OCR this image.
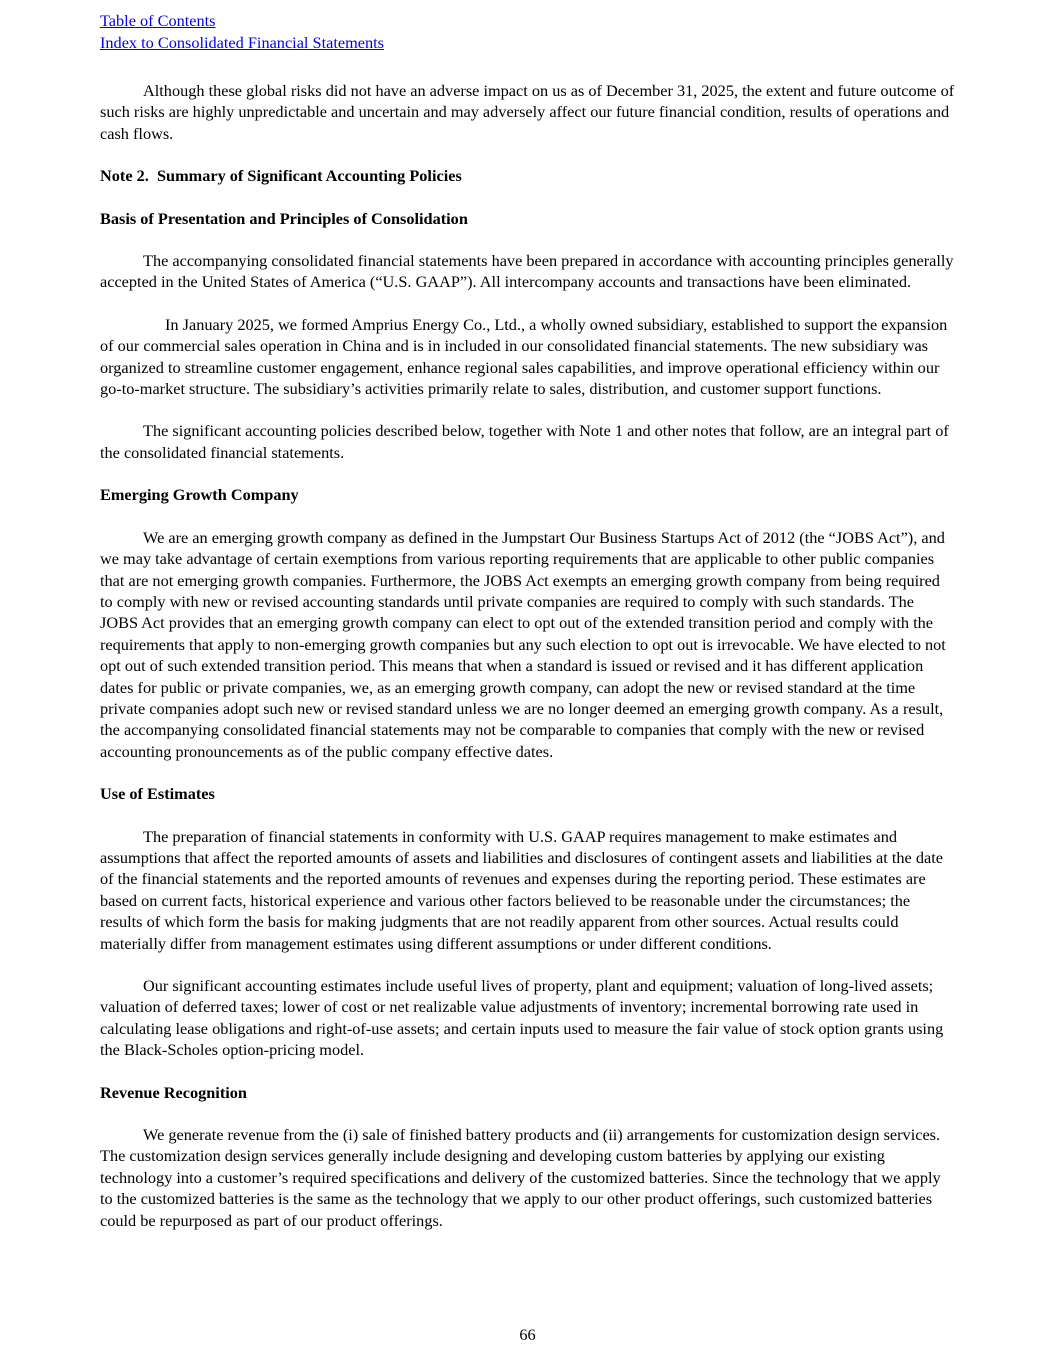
Table of Contents
Index to Consolidated Financial Statements

Although these global risks did not have an adverse impact on us as of December 31, 2025, the extent and future outcome of such risks are highly unpredictable and uncertain and may adversely affect our future financial condition, results of operations and cash flows.

Note 2.  Summary of Significant Accounting Policies
Basis of Presentation and Principles of Consolidation

The accompanying consolidated financial statements have been prepared in accordance with accounting principles generally accepted in the United States of America (“U.S. GAAP”). All intercompany accounts and transactions have been eliminated.

In January 2025, we formed Amprius Energy Co., Ltd., a wholly owned subsidiary, established to support the expansion of our commercial sales operation in China and is in included in our consolidated financial statements. The new subsidiary was organized to streamline customer engagement, enhance regional sales capabilities, and improve operational efficiency within our go-to-market structure. The subsidiary’s activities primarily relate to sales, distribution, and customer support functions.

The significant accounting policies described below, together with Note 1 and other notes that follow, are an integral part of the consolidated financial statements.

Emerging Growth Company

We are an emerging growth company as defined in the Jumpstart Our Business Startups Act of 2012 (the “JOBS Act”), and we may take advantage of certain exemptions from various reporting requirements that are applicable to other public companies that are not emerging growth companies. Furthermore, the JOBS Act exempts an emerging growth company from being required to comply with new or revised accounting standards until private companies are required to comply with such standards. The JOBS Act provides that an emerging growth company can elect to opt out of the extended transition period and comply with the requirements that apply to non-emerging growth companies but any such election to opt out is irrevocable. We have elected to not opt out of such extended transition period. This means that when a standard is issued or revised and it has different application dates for public or private companies, we, as an emerging growth company, can adopt the new or revised standard at the time private companies adopt such new or revised standard unless we are no longer deemed an emerging growth company. As a result, the accompanying consolidated financial statements may not be comparable to companies that comply with the new or revised accounting pronouncements as of the public company effective dates.

Use of Estimates

The preparation of financial statements in conformity with U.S. GAAP requires management to make estimates and assumptions that affect the reported amounts of assets and liabilities and disclosures of contingent assets and liabilities at the date of the financial statements and the reported amounts of revenues and expenses during the reporting period. These estimates are based on current facts, historical experience and various other factors believed to be reasonable under the circumstances; the results of which form the basis for making judgments that are not readily apparent from other sources. Actual results could materially differ from management estimates using different assumptions or under different conditions.

Our significant accounting estimates include useful lives of property, plant and equipment; valuation of long-lived assets; valuation of deferred taxes; lower of cost or net realizable value adjustments of inventory; incremental borrowing rate used in calculating lease obligations and right-of-use assets; and certain inputs used to measure the fair value of stock option grants using the Black-Scholes option-pricing model.

Revenue Recognition

We generate revenue from the (i) sale of finished battery products and (ii) arrangements for customization design services. The customization design services generally include designing and developing custom batteries by applying our existing technology into a customer’s required specifications and delivery of the customized batteries. Since the technology that we apply to the customized batteries is the same as the technology that we apply to our other product offerings, such customized batteries could be repurposed as part of our product offerings.

66
